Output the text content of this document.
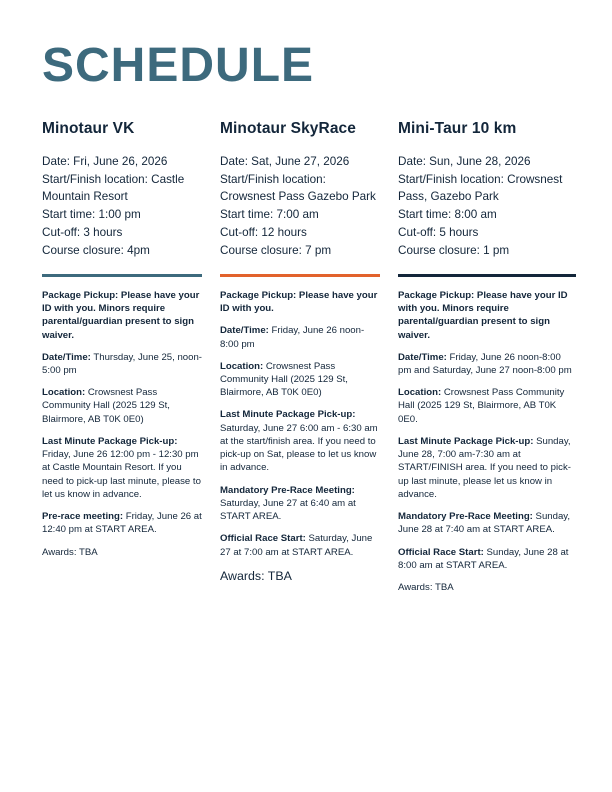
SCHEDULE
Minotaur VK
Date: Fri, June 26, 2026
Start/Finish location: Castle Mountain Resort
Start time: 1:00 pm
Cut-off: 3 hours
Course closure: 4pm

Package Pickup: Please have your ID with you. Minors require parental/guardian present to sign waiver.

Date/Time: Thursday, June 25, noon- 5:00 pm

Location: Crowsnest Pass Community Hall (2025 129 St, Blairmore, AB T0K 0E0)

Last Minute Package Pick-up: Friday, June 26 12:00 pm - 12:30 pm at Castle Mountain Resort. If you need to pick-up last minute, please to let us know in advance.

Pre-race meeting: Friday, June 26 at 12:40 pm at START AREA.

Awards: TBA

Minotaur SkyRace
Date: Sat, June 27, 2026
Start/Finish location: Crowsnest Pass Gazebo Park
Start time: 7:00 am
Cut-off: 12 hours
Course closure: 7 pm

Package Pickup: Please have your ID with you.

Date/Time: Friday, June 26 noon-8:00 pm

Location: Crowsnest Pass Community Hall (2025 129 St, Blairmore, AB T0K 0E0)

Last Minute Package Pick-up: Saturday, June 27 6:00 am - 6:30 am at the start/finish area. If you need to pick-up on Sat, please to let us know in advance.

Mandatory Pre-Race Meeting: Saturday, June 27 at 6:40 am at START AREA.

Official Race Start: Saturday, June 27 at 7:00 am at START AREA.

Awards: TBA

Mini-Taur 10 km
Date: Sun, June 28, 2026
Start/Finish location: Crowsnest Pass, Gazebo Park
Start time: 8:00 am
Cut-off: 5 hours
Course closure: 1 pm

Package Pickup: Please have your ID with you. Minors require parental/guardian present to sign waiver.

Date/Time: Friday, June 26 noon-8:00 pm and Saturday, June 27 noon-8:00 pm

Location: Crowsnest Pass Community Hall (2025 129 St, Blairmore, AB T0K 0E0.

Last Minute Package Pick-up: Sunday, June 28, 7:00 am-7:30 am at START/FINISH area. If you need to pick-up last minute, please let us know in advance.

Mandatory Pre-Race Meeting: Sunday, June 28 at 7:40 am at START AREA.

Official Race Start: Sunday, June 28 at 8:00 am at START AREA.

Awards: TBA
